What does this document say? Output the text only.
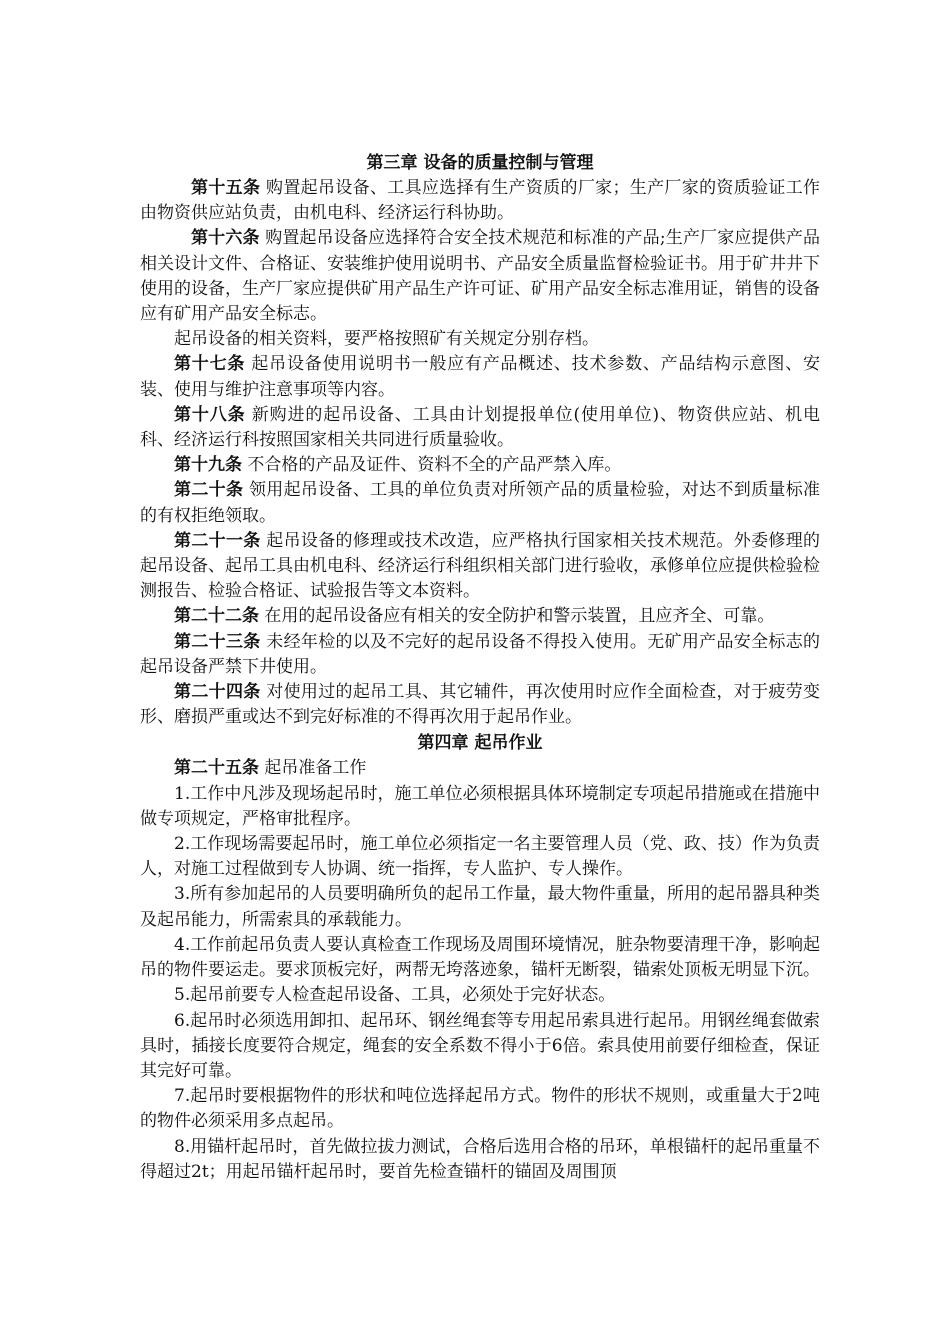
第三章 设备的质量控制与管理

第十五条 购置起吊设备、工具应选择有生产资质的厂家；生产厂家的资质验证工作由物资供应站负责，由机电科、经济运行科协助。

第十六条 购置起吊设备应选择符合安全技术规范和标准的产品;生产厂家应提供产品相关设计文件、合格证、安装维护使用说明书、产品安全质量监督检验证书。用于矿井井下使用的设备，生产厂家应提供矿用产品生产许可证、矿用产品安全标志准用证，销售的设备应有矿用产品安全标志。

起吊设备的相关资料，要严格按照矿有关规定分别存档。

第十七条 起吊设备使用说明书一般应有产品概述、技术参数、产品结构示意图、安装、使用与维护注意事项等内容。

第十八条 新购进的起吊设备、工具由计划提报单位(使用单位)、物资供应站、机电科、经济运行科按照国家相关共同进行质量验收。

第十九条 不合格的产品及证件、资料不全的产品严禁入库。

第二十条 领用起吊设备、工具的单位负责对所领产品的质量检验，对达不到质量标准的有权拒绝领取。

第二十一条 起吊设备的修理或技术改造，应严格执行国家相关技术规范。外委修理的起吊设备、起吊工具由机电科、经济运行科组织相关部门进行验收，承修单位应提供检验检测报告、检验合格证、试验报告等文本资料。

第二十二条 在用的起吊设备应有相关的安全防护和警示装置，且应齐全、可靠。

第二十三条 未经年检的以及不完好的起吊设备不得投入使用。无矿用产品安全标志的起吊设备严禁下井使用。

第二十四条 对使用过的起吊工具、其它辅件，再次使用时应作全面检查，对于疲劳变形、磨损严重或达不到完好标准的不得再次用于起吊作业。

第四章 起吊作业

第二十五条 起吊准备工作

1.工作中凡涉及现场起吊时，施工单位必须根据具体环境制定专项起吊措施或在措施中做专项规定，严格审批程序。

2.工作现场需要起吊时，施工单位必须指定一名主要管理人员（党、政、技）作为负责人，对施工过程做到专人协调、统一指挥，专人监护、专人操作。

3.所有参加起吊的人员要明确所负的起吊工作量，最大物件重量，所用的起吊器具种类及起吊能力，所需索具的承载能力。

4.工作前起吊负责人要认真检查工作现场及周围环境情况，脏杂物要清理干净，影响起吊的物件要运走。要求顶板完好，两帮无垮落迹象，锚杆无断裂，锚索处顶板无明显下沉。

5.起吊前要专人检查起吊设备、工具，必须处于完好状态。

6.起吊时必须选用卸扣、起吊环、钢丝绳套等专用起吊索具进行起吊。用钢丝绳套做索具时，插接长度要符合规定，绳套的安全系数不得小于6倍。索具使用前要仔细检查，保证其完好可靠。

7.起吊时要根据物件的形状和吨位选择起吊方式。物件的形状不规则，或重量大于2吨的物件必须采用多点起吊。

8.用锚杆起吊时，首先做拉拔力测试，合格后选用合格的吊环，单根锚杆的起吊重量不得超过2t；用起吊锚杆起吊时，要首先检查锚杆的锚固及周围顶
